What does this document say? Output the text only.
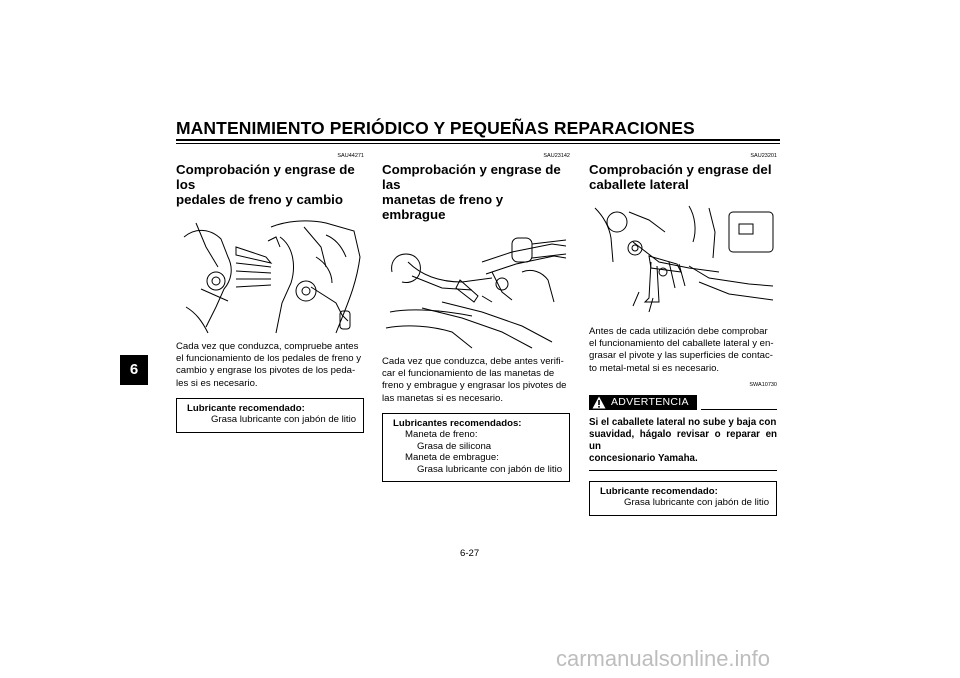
MANTENIMIENTO PERIÓDICO Y PEQUEÑAS REPARACIONES
6
SAU44271
Comprobación y engrase de los
pedales de freno y cambio
Cada vez que conduzca, compruebe antes
el funcionamiento de los pedales de freno y
cambio y engrase los pivotes de los peda-
les si es necesario.
Lubricante recomendado:
Grasa lubricante con jabón de litio
SAU23142
Comprobación y engrase de las
manetas de freno y embrague
Cada vez que conduzca, debe antes verifi-
car el funcionamiento de las manetas de
freno y embrague y engrasar los pivotes de
las manetas si es necesario.
Lubricantes recomendados:
Maneta de freno:
Grasa de silicona
Maneta de embrague:
Grasa lubricante con jabón de litio
SAU23201
Comprobación y engrase del
caballete lateral
Antes de cada utilización debe comprobar
el funcionamiento del caballete lateral y en-
grasar el pivote y las superficies de contac-
to metal-metal si es necesario.
SWA10730
ADVERTENCIA
Si el caballete lateral no sube y baja con
suavidad, hágalo revisar o reparar en un
concesionario Yamaha.
Lubricante recomendado:
Grasa lubricante con jabón de litio
6-27
carmanualsonline.info
